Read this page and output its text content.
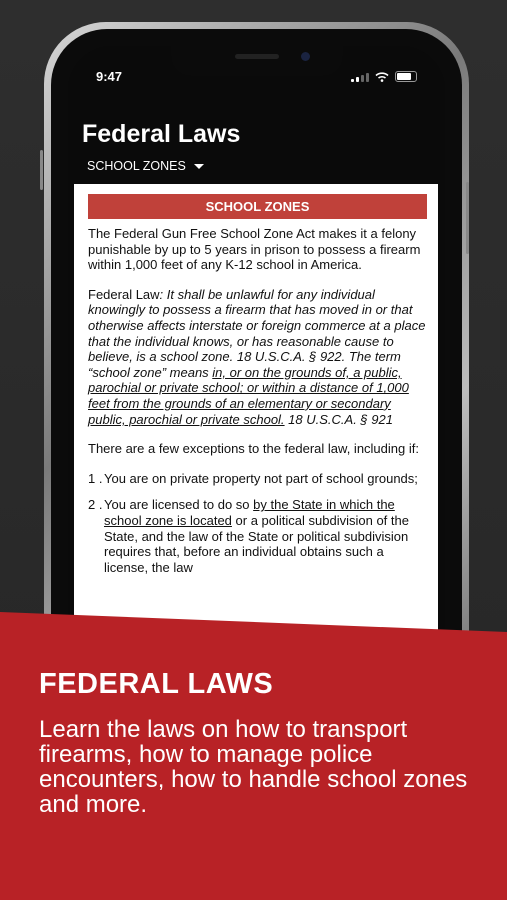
9:47
Federal Laws
SCHOOL ZONES
SCHOOL ZONES

The Federal Gun Free School Zone Act makes it a felony punishable by up to 5 years in prison to possess a firearm within 1,000 feet of any K-12 school in America.

Federal Law: It shall be unlawful for any individual knowingly to possess a firearm that has moved in or that otherwise affects interstate or foreign commerce at a place that the individual knows, or has reasonable cause to believe, is a school zone. 18 U.S.C.A. § 922. The term “school zone” means in, or on the grounds of, a public, parochial or private school; or within a distance of 1,000 feet from the grounds of an elementary or secondary public, parochial or private school. 18 U.S.C.A. § 921

There are a few exceptions to the federal law, including if:

1 . You are on private property not part of school grounds;
2 . You are licensed to do so by the State in which the school zone is located or a political subdivision of the State, and the law of the State or political subdivision requires that, before an individual obtains such a license, the law
FEDERAL LAWS
Learn the laws on how to transport firearms, how to manage police encounters, how to handle school zones and more.
